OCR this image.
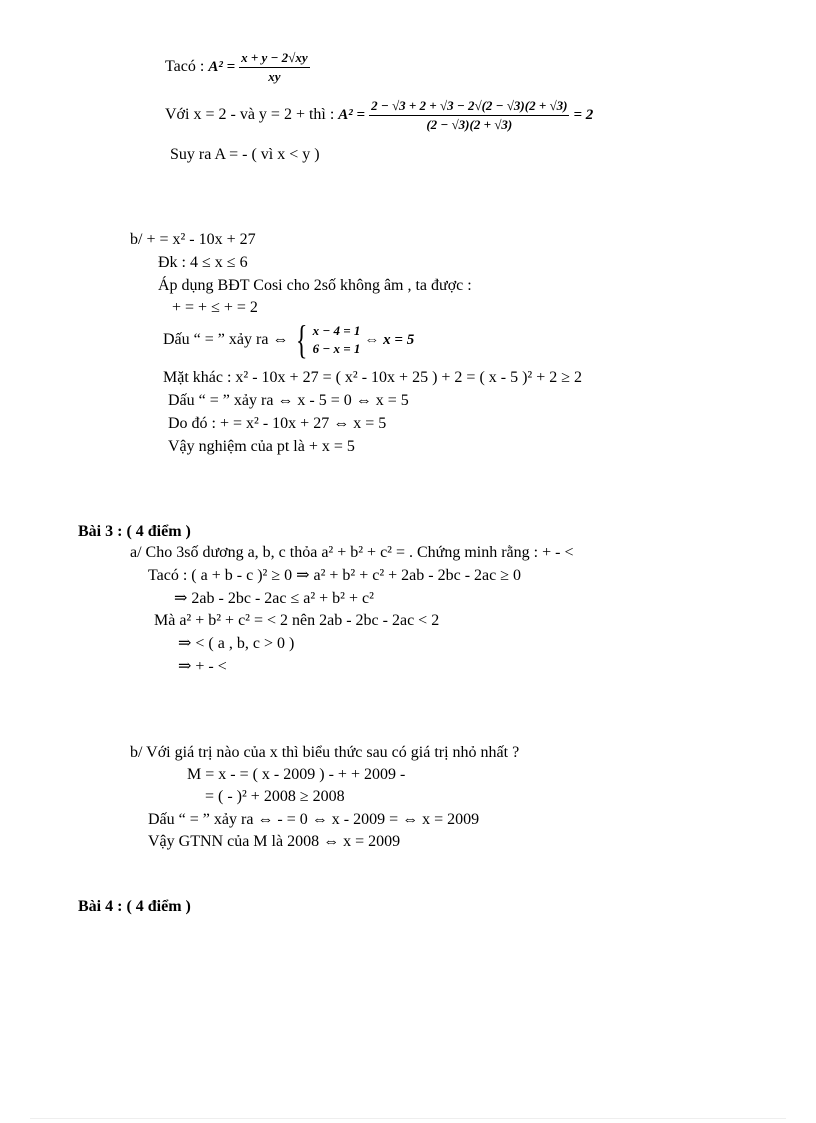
Tacó : $A^2 = \frac{x + y - 2√xy}{xy}$
Với x = 2 - và y = 2 + thì : $A^2 = \frac{2 - √3 + 2 + √3 - 2√(2 - √3)(2 + √3)}{(2 - √3)(2 + √3)} = 2$
Suy ra A = - ( vì x < y )
b/ + = x² - 10x + 27
Đk : 4 ≤ x ≤ 6
Áp dụng BĐT Cosi cho 2số không âm , ta được :
+ = + ≤ + = 2
Dấu “ = ” xảy ra ⇔ { x − 4 = 1
6 − x = 1
⇔ x = 5
Mặt khác : x² - 10x + 27 = ( x² - 10x + 25 ) + 2 = ( x - 5 )² + 2 ≥ 2
Dấu “ = ” xảy ra ⇔ x - 5 = 0 ⇔ x = 5
Do đó : + = x² - 10x + 27 ⇔ x = 5
Vậy nghiệm của pt là + x = 5
Bài 3 : ( 4 điểm )
a/ Cho 3số dương a, b, c thỏa a² + b² + c² = . Chứng minh rằng : + - <
Tacó : ( a + b - c )² ≥ 0 ⇒ a² + b² + c² + 2ab - 2bc - 2ac ≥ 0
⇒ 2ab - 2bc - 2ac ≤ a² + b² + c²
Mà a² + b² + c² = < 2 nên 2ab - 2bc - 2ac < 2
⇒ < ( a , b, c > 0 )
⇒ + - <
b/ Với giá trị nào của x thì biểu thức sau có giá trị nhỏ nhất ?
M = x - = ( x - 2009 ) - + + 2009 -
= ( - )² + 2008 ≥ 2008
Dấu “ = ” xảy ra ⇔ - = 0 ⇔ x - 2009 = ⇔ x = 2009
Vậy GTNN của M là 2008 ⇔ x = 2009
Bài 4 : ( 4 điểm )
